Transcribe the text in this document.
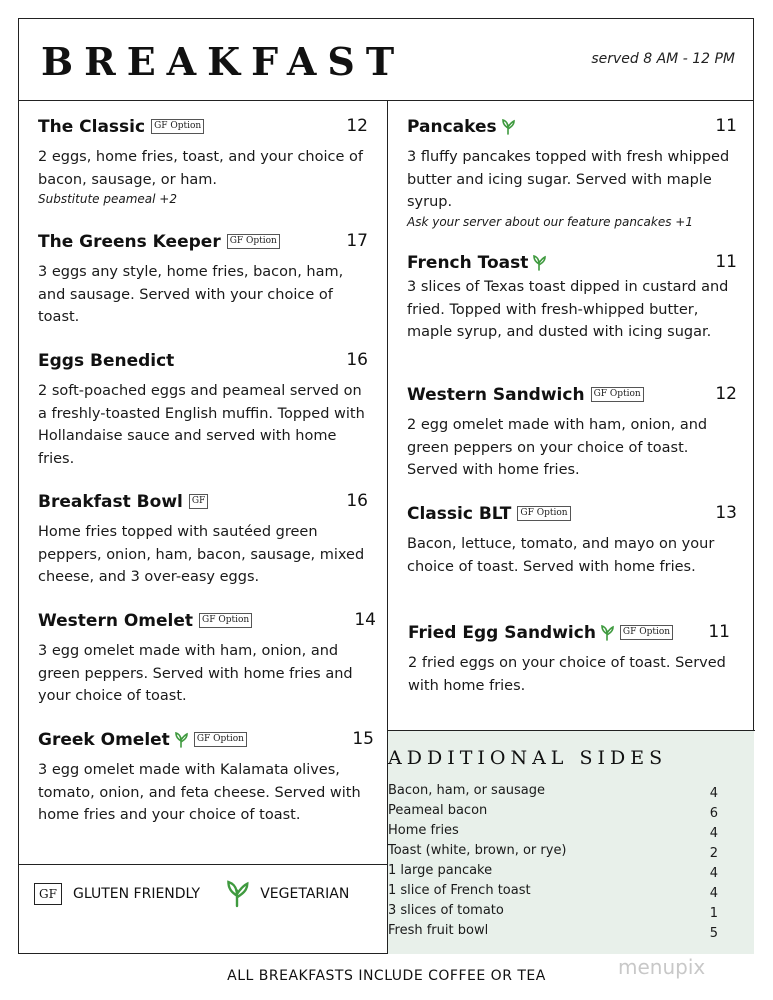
BREAKFAST	served 8 AM - 12 PM
The Classic GF Option	12
2 eggs, home fries, toast, and your choice of bacon, sausage, or ham.
Substitute peameal +2
The Greens Keeper GF Option	17
3 eggs any style, home fries, bacon, ham, and sausage. Served with your choice of toast.
Eggs Benedict	16
2 soft-poached eggs and peameal served on a freshly-toasted English muffin. Topped with Hollandaise sauce and served with home fries.
Breakfast Bowl GF	16
Home fries topped with sautéed green peppers, onion, ham, bacon, sausage, mixed cheese, and 3 over-easy eggs.
Western Omelet GF Option	14
3 egg omelet made with ham, onion, and green peppers. Served with home fries and your choice of toast.
Greek Omelet	GF Option	15
3 egg omelet made with Kalamata olives, tomato, onion, and feta cheese. Served with home fries and your choice of toast.
Pancakes	11
3 fluffy pancakes topped with fresh whipped butter and icing sugar. Served with maple syrup.
Ask your server about our feature pancakes +1
French Toast	11
3 slices of Texas toast dipped in custard and fried. Topped with fresh-whipped butter, maple syrup, and dusted with icing sugar.
Western Sandwich GF Option	12
2 egg omelet made with ham, onion, and green peppers on your choice of toast. Served with home fries.
Classic BLT GF Option	13
Bacon, lettuce, tomato, and mayo on your choice of toast. Served with home fries.
Fried Egg Sandwich	GF Option 11
2 fried eggs on your choice of toast. Served with home fries.
GF GLUTEN FRIENDLY	VEGETARIAN
ADDITIONAL SIDES
Bacon, ham, or sausage	4
Peameal bacon	6
Home fries	4
Toast (white, brown, or rye)	2
1 large pancake	4
1 slice of French toast	4
3 slices of tomato	1
Fresh fruit bowl	5
ALL BREAKFASTS INCLUDE COFFEE OR TEA	menupix
